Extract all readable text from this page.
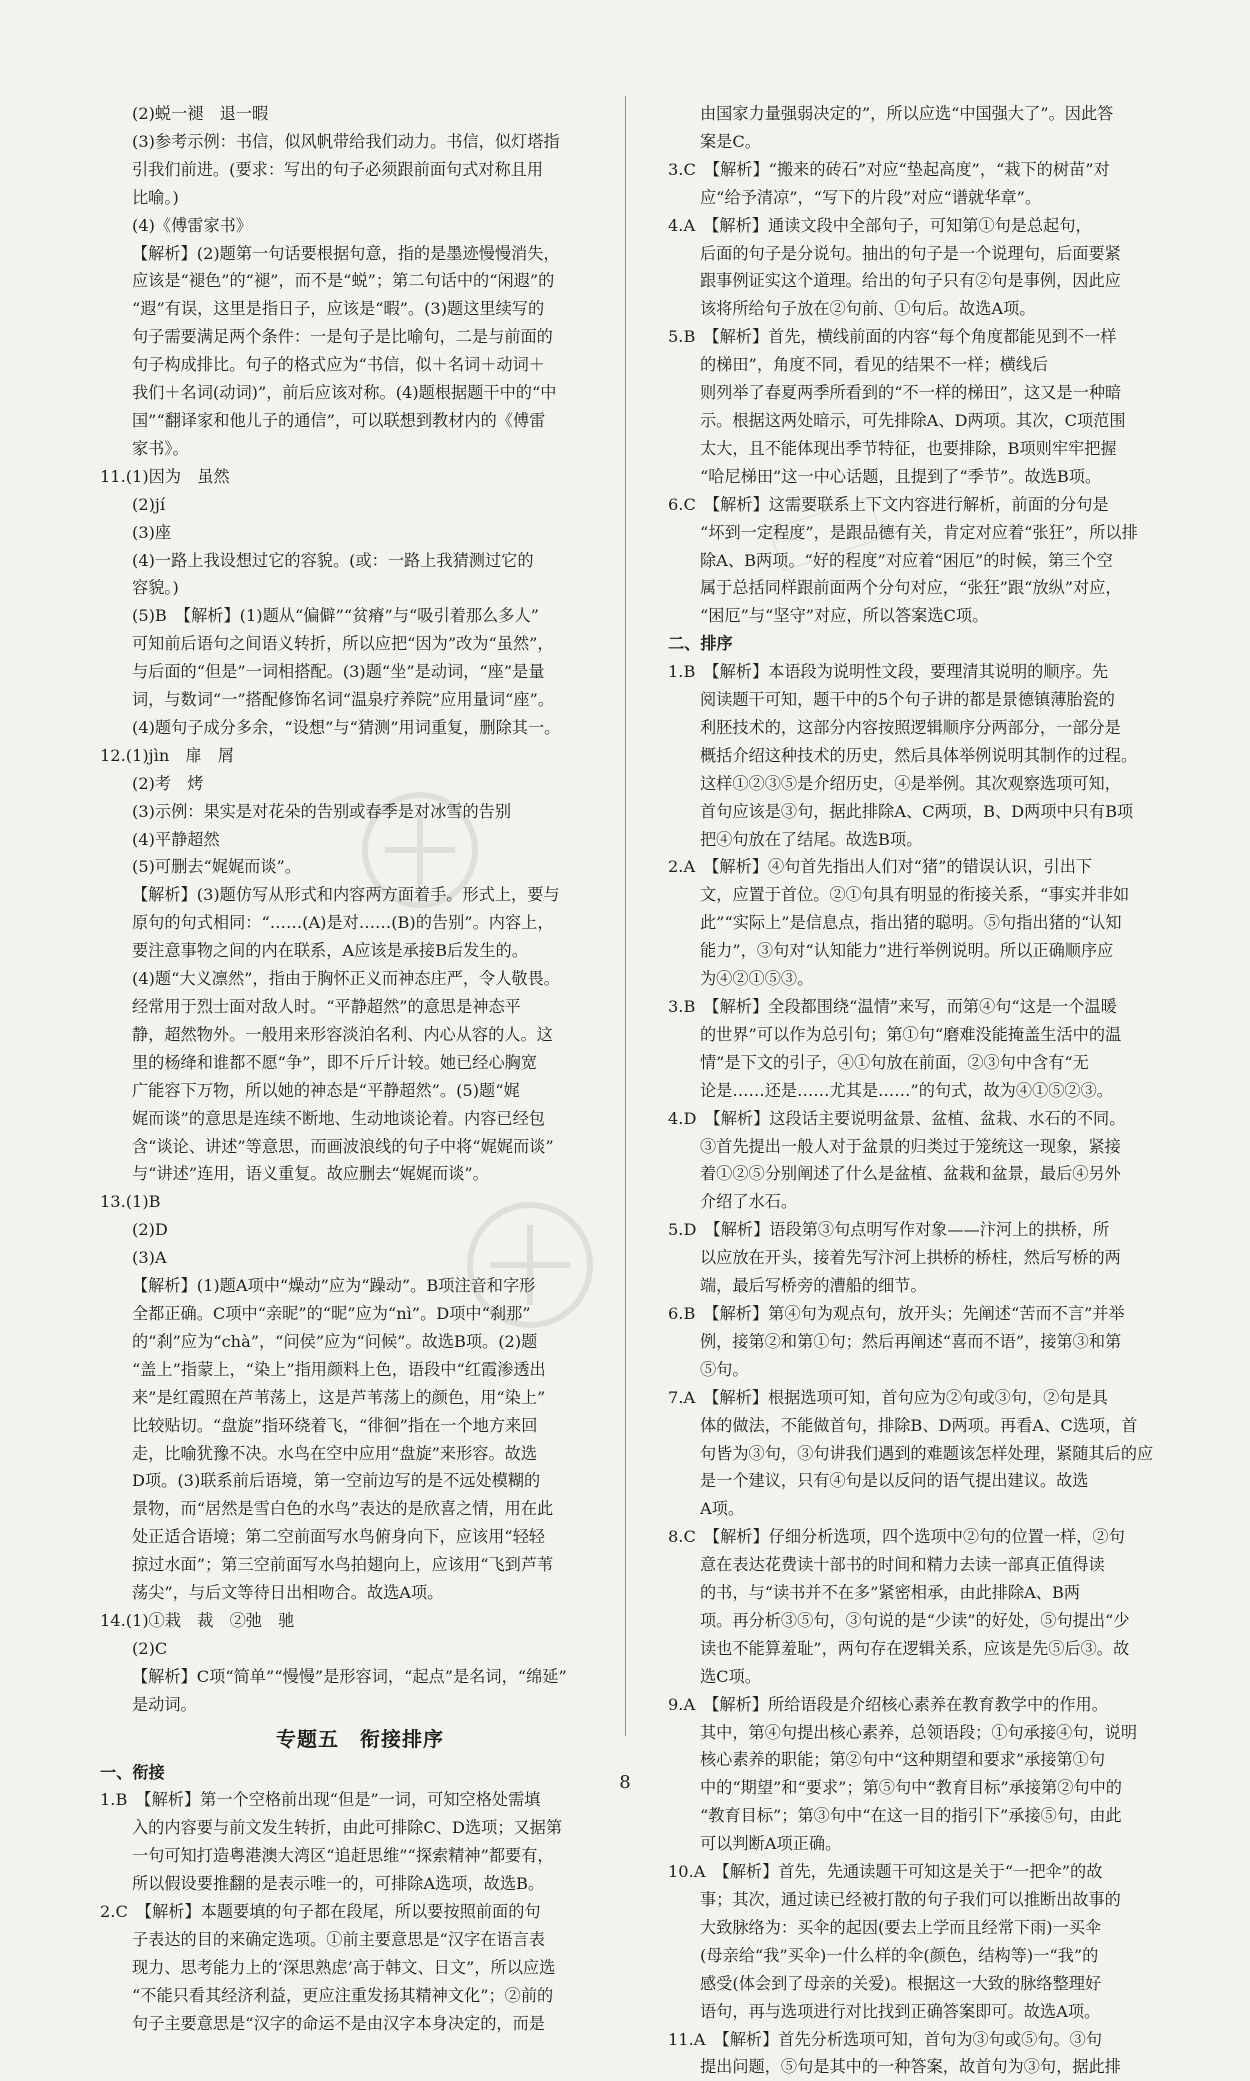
(2)蜕一褪　退一暇
(3)参考示例：书信，似风帆带给我们动力。书信，似灯塔指
引我们前进。(要求：写出的句子必须跟前面句式对称且用
比喻。)
(4)《傅雷家书》
【解析】(2)题第一句话要根据句意，指的是墨迹慢慢消失，
应该是“褪色”的“褪”，而不是“蜕”；第二句话中的“闲遐”的
“遐”有误，这里是指日子，应该是“暇”。(3)题这里续写的
句子需要满足两个条件：一是句子是比喻句，二是与前面的
句子构成排比。句子的格式应为“书信，似＋名词＋动词＋
我们＋名词(动词)”，前后应该对称。(4)题根据题干中的“中
国”“翻译家和他儿子的通信”，可以联想到教材内的《傅雷
家书》。
11.(1)因为　虽然
(2)jí
(3)座
(4)一路上我设想过它的容貌。(或：一路上我猜测过它的
容貌。)
(5)B　【解析】(1)题从“偏僻”“贫瘠”与“吸引着那么多人”
可知前后语句之间语义转折，所以应把“因为”改为“虽然”，
与后面的“但是”一词相搭配。(3)题“坐”是动词，“座”是量
词，与数词“一”搭配修饰名词“温泉疗养院”应用量词“座”。
(4)题句子成分多余，“设想”与“猜测”用词重复，删除其一。
12.(1)jìn　扉　屑
(2)考　烤
(3)示例：果实是对花朵的告别或春季是对冰雪的告别
(4)平静超然
(5)可删去“娓娓而谈”。
【解析】(3)题仿写从形式和内容两方面着手。形式上，要与
原句的句式相同：“……(A)是对……(B)的告别”。内容上，
要注意事物之间的内在联系，A应该是承接B后发生的。
(4)题“大义凛然”，指由于胸怀正义而神态庄严，令人敬畏。
经常用于烈士面对敌人时。“平静超然”的意思是神态平
静，超然物外。一般用来形容淡泊名利、内心从容的人。这
里的杨绛和谁都不愿“争”，即不斤斤计较。她已经心胸宽
广能容下万物，所以她的神态是“平静超然”。(5)题“娓
娓而谈”的意思是连续不断地、生动地谈论着。内容已经包
含“谈论、讲述”等意思，而画波浪线的句子中将“娓娓而谈”
与“讲述”连用，语义重复。故应删去“娓娓而谈”。
13.(1)B
(2)D
(3)A
【解析】(1)题A项中“燥动”应为“躁动”。B项注音和字形
全都正确。C项中“亲昵”的“昵”应为“nì”。D项中“刹那”
的“刹”应为“chà”，“问侯”应为“问候”。故选B项。(2)题
“盖上”指蒙上，“染上”指用颜料上色，语段中“红霞渗透出
来”是红霞照在芦苇荡上，这是芦苇荡上的颜色，用“染上”
比较贴切。“盘旋”指环绕着飞，“徘徊”指在一个地方来回
走，比喻犹豫不决。水鸟在空中应用“盘旋”来形容。故选
D项。(3)联系前后语境，第一空前边写的是不远处模糊的
景物，而“居然是雪白色的水鸟”表达的是欣喜之情，用在此
处正适合语境；第二空前面写水鸟俯身向下，应该用“轻轻
掠过水面”；第三空前面写水鸟拍翅向上，应该用“飞到芦苇
荡尖”，与后文等待日出相吻合。故选A项。
14.(1)①栽　裁　②弛　驰
(2)C
【解析】C项“简单”“慢慢”是形容词，“起点”是名词，“绵延”
是动词。
专题五　衔接排序
一、衔接
1.B　【解析】第一个空格前出现“但是”一词，可知空格处需填
入的内容要与前文发生转折，由此可排除C、D选项；又据第
一句可知打造粤港澳大湾区“追赶思维”“探索精神”都要有，
所以假设要推翻的是表示唯一的，可排除A选项，故选B。
2.C　【解析】本题要填的句子都在段尾，所以要按照前面的句
子表达的目的来确定选项。①前主要意思是“汉字在语言表
现力、思考能力上的‘深思熟虑’高于韩文、日文”，所以应选
“不能只看其经济利益，更应注重发扬其精神文化”；②前的
句子主要意思是“汉字的命运不是由汉字本身决定的，而是
由国家力量强弱决定的”，所以应选“中国强大了”。因此答
案是C。
3.C　【解析】“搬来的砖石”对应“垫起高度”，“栽下的树苗”对
应“给予清凉”，“写下的片段”对应“谱就华章”。
4.A　【解析】通读文段中全部句子，可知第①句是总起句，
后面的句子是分说句。抽出的句子是一个说理句，后面要紧
跟事例证实这个道理。给出的句子只有②句是事例，因此应
该将所给句子放在②句前、①句后。故选A项。
5.B　【解析】首先，横线前面的内容“每个角度都能见到不一样
的梯田”，角度不同，看见的结果不一样；横线后
则列举了春夏两季所看到的“不一样的梯田”，这又是一种暗
示。根据这两处暗示，可先排除A、D两项。其次，C项范围
太大，且不能体现出季节特征，也要排除，B项则牢牢把握
“哈尼梯田”这一中心话题，且提到了“季节”。故选B项。
6.C　【解析】这需要联系上下文内容进行解析，前面的分句是
“坏到一定程度”，是跟品德有关，肯定对应着“张狂”，所以排
除A、B两项。“好的程度”对应着“困厄”的时候，第三个空
属于总括同样跟前面两个分句对应，“张狂”跟“放纵”对应，
“困厄”与“坚守”对应，所以答案选C项。
二、排序
1.B　【解析】本语段为说明性文段，要理清其说明的顺序。先
阅读题干可知，题干中的5个句子讲的都是景德镇薄胎瓷的
利胚技术的，这部分内容按照逻辑顺序分两部分，一部分是
概括介绍这种技术的历史，然后具体举例说明其制作的过程。
这样①②③⑤是介绍历史，④是举例。其次观察选项可知，
首句应该是③句，据此排除A、C两项，B、D两项中只有B项
把④句放在了结尾。故选B项。
2.A　【解析】④句首先指出人们对“猪”的错误认识，引出下
文，应置于首位。②①句具有明显的衔接关系，“事实并非如
此”“实际上”是信息点，指出猪的聪明。⑤句指出猪的“认知
能力”，③句对“认知能力”进行举例说明。所以正确顺序应
为④②①⑤③。
3.B　【解析】全段都围绕“温情”来写，而第④句“这是一个温暖
的世界”可以作为总引句；第①句“磨难没能掩盖生活中的温
情”是下文的引子，④①句放在前面，②③句中含有“无
论是……还是……尤其是……”的句式，故为④①⑤②③。
4.D　【解析】这段话主要说明盆景、盆植、盆栽、水石的不同。
③首先提出一般人对于盆景的归类过于笼统这一现象，紧接
着①②⑤分别阐述了什么是盆植、盆栽和盆景，最后④另外
介绍了水石。
5.D　【解析】语段第③句点明写作对象——汴河上的拱桥，所
以应放在开头，接着先写汴河上拱桥的桥柱，然后写桥的两
端，最后写桥旁的漕船的细节。
6.B　【解析】第④句为观点句，放开头；先阐述“苦而不言”并举
例，接第②和第①句；然后再阐述“喜而不语”，接第③和第
⑤句。
7.A　【解析】根据选项可知，首句应为②句或③句，②句是具
体的做法，不能做首句，排除B、D两项。再看A、C选项，首
句皆为③句，③句讲我们遇到的难题该怎样处理，紧随其后的应
是一个建议，只有④句是以反问的语气提出建议。故选
A项。
8.C　【解析】仔细分析选项，四个选项中②句的位置一样，②句
意在表达花费读十部书的时间和精力去读一部真正值得读
的书，与“读书并不在多”紧密相承，由此排除A、B两
项。再分析③⑤句，③句说的是“少读”的好处，⑤句提出“少
读也不能算羞耻”，两句存在逻辑关系，应该是先⑤后③。故
选C项。
9.A　【解析】所给语段是介绍核心素养在教育教学中的作用。
其中，第④句提出核心素养，总领语段；①句承接④句，说明
核心素养的职能；第②句中“这种期望和要求”承接第①句
中的“期望”和“要求”；第⑤句中“教育目标”承接第②句中的
“教育目标”；第③句中“在这一目的指引下”承接⑤句，由此
可以判断A项正确。
10.A　【解析】首先，先通读题干可知这是关于“一把伞”的故
事；其次，通过读已经被打散的句子我们可以推断出故事的
大致脉络为：买伞的起因(要去上学而且经常下雨)一买伞
(母亲给“我”买伞)一什么样的伞(颜色，结构等)一“我”的
感受(体会到了母亲的关爱)。根据这一大致的脉络整理好
语句，再与选项进行对比找到正确答案即可。故选A项。
11.A　【解析】首先分析选项可知，首句为③句或⑤句。③句
提出问题，⑤句是其中的一种答案，故首句为③句，据此排
8
